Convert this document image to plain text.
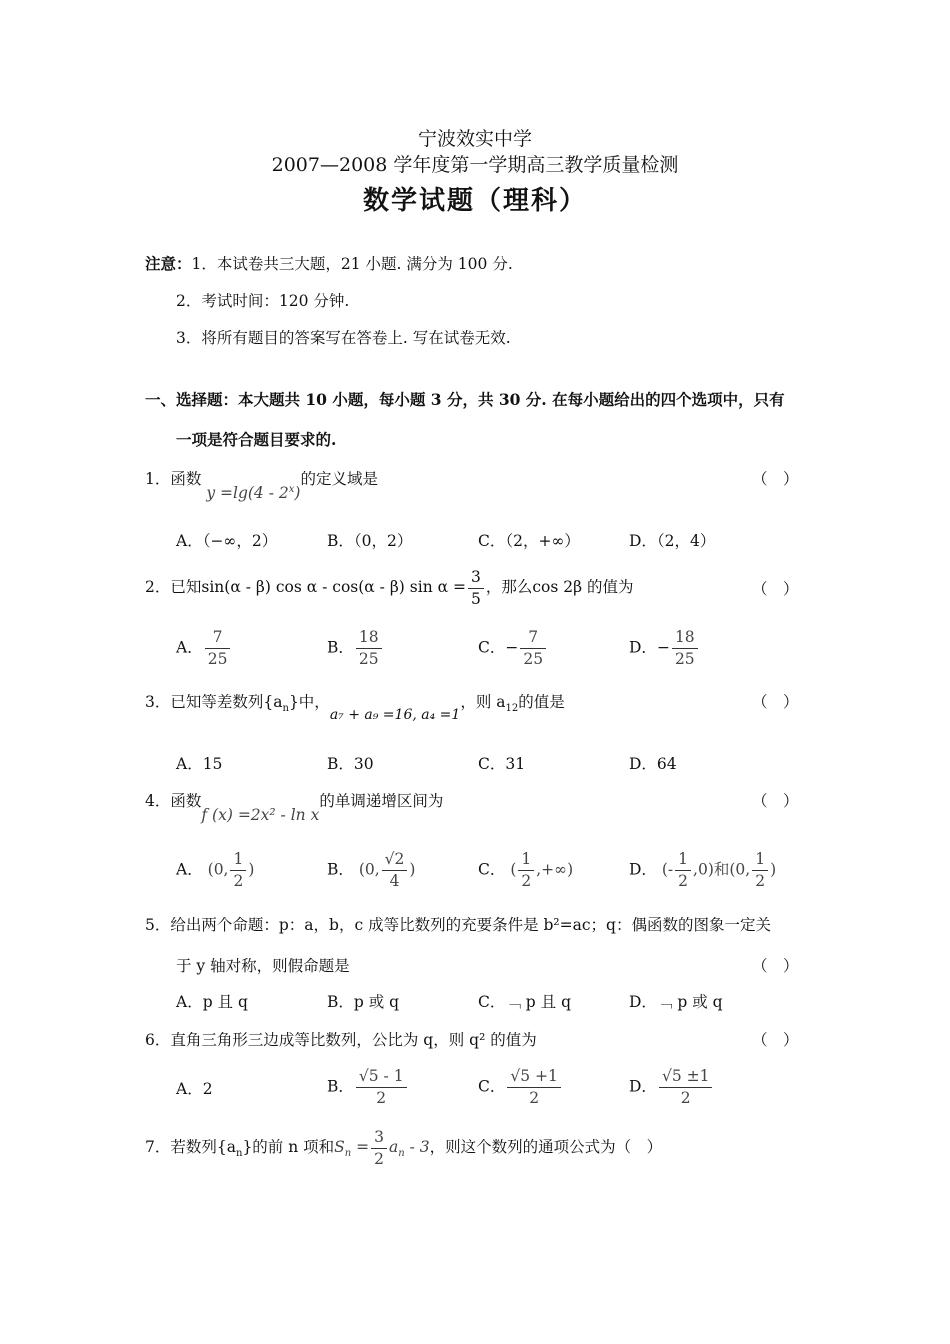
宁波效实中学
2007—2008 学年度第一学期高三教学质量检测
数学试题（理科）
注意：1．本试卷共三大题，21 小题. 满分为 100 分.
2．考试时间：120 分钟.
3．将所有题目的答案写在答卷上. 写在试卷无效.
一、选择题：本大题共 10 小题，每小题 3 分，共 30 分. 在每小题给出的四个选项中，只有
一项是符合题目要求的.
1．函数 y =lg(4 - 2$^x$)的定义域是	（　）
A．（−∞，2）	B．（0，2）	C．（2，+∞）	D．（2，4）
2．已知sin(α - β) cos α - cos(α - β) $\sin \alpha = \frac{3}{5}$ ，那么cos 2β 的值为	（　）
A． $\frac{7}{25}$	B． $\frac{18}{25}$	C．− $\frac{7}{25}$	D．− $\frac{18}{25}$
3．已知等差数列$\{a_n\}$中，a₇ + a₉ =16, a₄ =1，则 $a_{12}$的值是	（　）
A．15	B．30	C．31	D．64
4．函数f (x) =2x² - ln x的单调递增区间为	（　）
A． (0, $\frac{1}{2}$ )	B． (0, $\frac{√2}{4}$ )	C． ( $\frac{1}{2}$ ,+∞)	D． (- $\frac{1}{2} ,0$)和(0, $\frac{1}{2}$ )
5．给出两个命题：p：a，b，c 成等比数列的充要条件是 b²=ac；q：偶函数的图象一定关
于 y 轴对称，则假命题是	（　）
A．p 且 q	B．p 或 q	C．﹁ p 且 q	D．﹁ p 或 q
6．直角三角形三边成等比数列，公比为 q，则 q² 的值为	（　）
A．2	B． $\frac{√5 - 1}{2}$	C． $\frac{√5 +1}{2}$	D． $\frac{√5 \pm 1}{2}$
7．若数列$\{a_n\}$的前 n 项和$S_n = \frac{3}{2} a_n - 3$，则这个数列的通项公式为（　）
